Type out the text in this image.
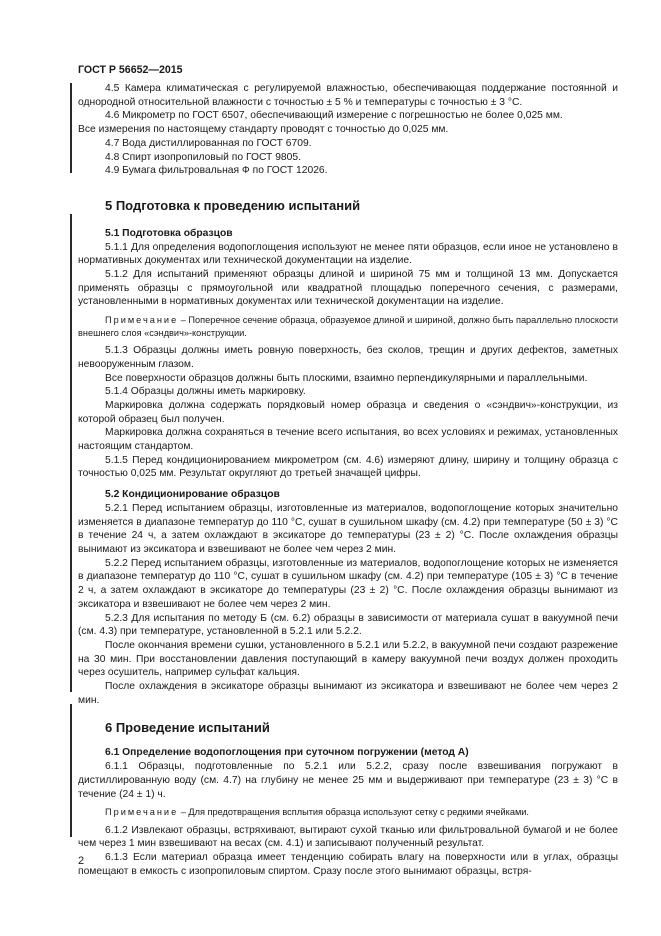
ГОСТ Р 56652—2015

4.5 Камера климатическая с регулируемой влажностью, обеспечивающая поддержание постоянной и однородной относительной влажности с точностью ± 5 % и температуры с точностью ± 3 °C.

4.6 Микрометр по ГОСТ 6507, обеспечивающий измерение с погрешностью не более 0,025 мм.

Все измерения по настоящему стандарту проводят с точностью до 0,025 мм.

4.7 Вода дистиллированная по ГОСТ 6709.

4.8 Спирт изопропиловый по ГОСТ 9805.

4.9 Бумага фильтровальная Ф по ГОСТ 12026.

5 Подготовка к проведению испытаний
5.1 Подготовка образцов

5.1.1 Для определения водопоглощения используют не менее пяти образцов, если иное не установлено в нормативных документах или технической документации на изделие.

5.1.2 Для испытаний применяют образцы длиной и шириной 75 мм и толщиной 13 мм. Допускается применять образцы с прямоугольной или квадратной площадью поперечного сечения, с размерами, установленными в нормативных документах или технической документации на изделие.

Примечание – Поперечное сечение образца, образуемое длиной и шириной, должно быть параллельно плоскости внешнего слоя «сэндвич»-конструкции.

5.1.3 Образцы должны иметь ровную поверхность, без сколов, трещин и других дефектов, заметных невооруженным глазом.

Все поверхности образцов должны быть плоскими, взаимно перпендикулярными и параллельными.

5.1.4 Образцы должны иметь маркировку.

Маркировка должна содержать порядковый номер образца и сведения о «сэндвич»-конструкции, из которой образец был получен.

Маркировка должна сохраняться в течение всего испытания, во всех условиях и режимах, установленных настоящим стандартом.

5.1.5 Перед кондиционированием микрометром (см. 4.6) измеряют длину, ширину и толщину образца с точностью 0,025 мм. Результат округляют до третьей значащей цифры.

5.2 Кондиционирование образцов

5.2.1 Перед испытанием образцы, изготовленные из материалов, водопоглощение которых значительно изменяется в диапазоне температур до 110 °C, сушат в сушильном шкафу (см. 4.2) при температуре (50 ± 3) °C в течение 24 ч, а затем охлаждают в эксикаторе до температуры (23 ± 2) °C. После охлаждения образцы вынимают из эксикатора и взвешивают не более чем через 2 мин.

5.2.2 Перед испытанием образцы, изготовленные из материалов, водопоглощение которых не изменяется в диапазоне температур до 110 °C, сушат в сушильном шкафу (см. 4.2) при температуре (105 ± 3) °C в течение 2 ч, а затем охлаждают в эксикаторе до температуры (23 ± 2) °C. После охлаждения образцы вынимают из эксикатора и взвешивают не более чем через 2 мин.

5.2.3 Для испытания по методу Б (см. 6.2) образцы в зависимости от материала сушат в вакуумной печи (см. 4.3) при температуре, установленной в 5.2.1 или 5.2.2.

После окончания времени сушки, установленного в 5.2.1 или 5.2.2, в вакуумной печи создают разрежение на 30 мин. При восстановлении давления поступающий в камеру вакуумной печи воздух должен проходить через осушитель, например сульфат кальция.

После охлаждения в эксикаторе образцы вынимают из эксикатора и взвешивают не более чем через 2 мин.

6 Проведение испытаний
6.1 Определение водопоглощения при суточном погружении (метод А)

6.1.1 Образцы, подготовленные по 5.2.1 или 5.2.2, сразу после взвешивания погружают в дистиллированную воду (см. 4.7) на глубину не менее 25 мм и выдерживают при температуре (23 ± 3) °C в течение (24 ± 1) ч.

Примечание – Для предотвращения всплытия образца используют сетку с редкими ячейками.

6.1.2 Извлекают образцы, встряхивают, вытирают сухой тканью или фильтровальной бумагой и не более чем через 1 мин взвешивают на весах (см. 4.1) и записывают полученный результат.

6.1.3 Если материал образца имеет тенденцию собирать влагу на поверхности или в углах, образцы помещают в емкость с изопропиловым спиртом. Сразу после этого вынимают образцы, встря-

2
